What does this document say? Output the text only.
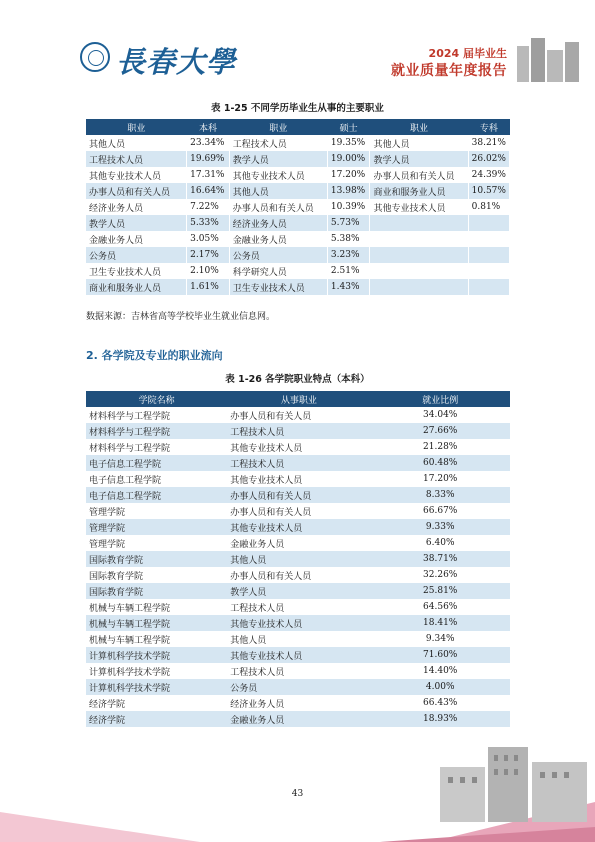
長春大學	2024 届毕业生
就业质量年度报告
表 1-25 不同学历毕业生从事的主要职业
职业	本科	职业	硕士	职业	专科
其他人员	23.34%	工程技术人员	19.35%	其他人员	38.21%
工程技术人员	19.69%	教学人员	19.00%	教学人员	26.02%
其他专业技术人员	17.31%	其他专业技术人员	17.20%	办事人员和有关人员	24.39%
办事人员和有关人员	16.64%	其他人员	13.98%	商业和服务业人员	10.57%
经济业务人员	7.22%	办事人员和有关人员	10.39%	其他专业技术人员	0.81%
教学人员	5.33%	经济业务人员	5.73%		
金融业务人员	3.05%	金融业务人员	5.38%		
公务员	2.17%	公务员	3.23%		
卫生专业技术人员	2.10%	科学研究人员	2.51%		
商业和服务业人员	1.61%	卫生专业技术人员	1.43%		
数据来源：吉林省高等学校毕业生就业信息网。
2. 各学院及专业的职业流向
表 1-26 各学院职业特点（本科）
学院名称	从事职业	就业比例
材料科学与工程学院	办事人员和有关人员	34.04%
材料科学与工程学院	工程技术人员	27.66%
材料科学与工程学院	其他专业技术人员	21.28%
电子信息工程学院	工程技术人员	60.48%
电子信息工程学院	其他专业技术人员	17.20%
电子信息工程学院	办事人员和有关人员	8.33%
管理学院	办事人员和有关人员	66.67%
管理学院	其他专业技术人员	9.33%
管理学院	金融业务人员	6.40%
国际教育学院	其他人员	38.71%
国际教育学院	办事人员和有关人员	32.26%
国际教育学院	教学人员	25.81%
机械与车辆工程学院	工程技术人员	64.56%
机械与车辆工程学院	其他专业技术人员	18.41%
机械与车辆工程学院	其他人员	9.34%
计算机科学技术学院	其他专业技术人员	71.60%
计算机科学技术学院	工程技术人员	14.40%
计算机科学技术学院	公务员	4.00%
经济学院	经济业务人员	66.43%
经济学院	金融业务人员	18.93%
43
